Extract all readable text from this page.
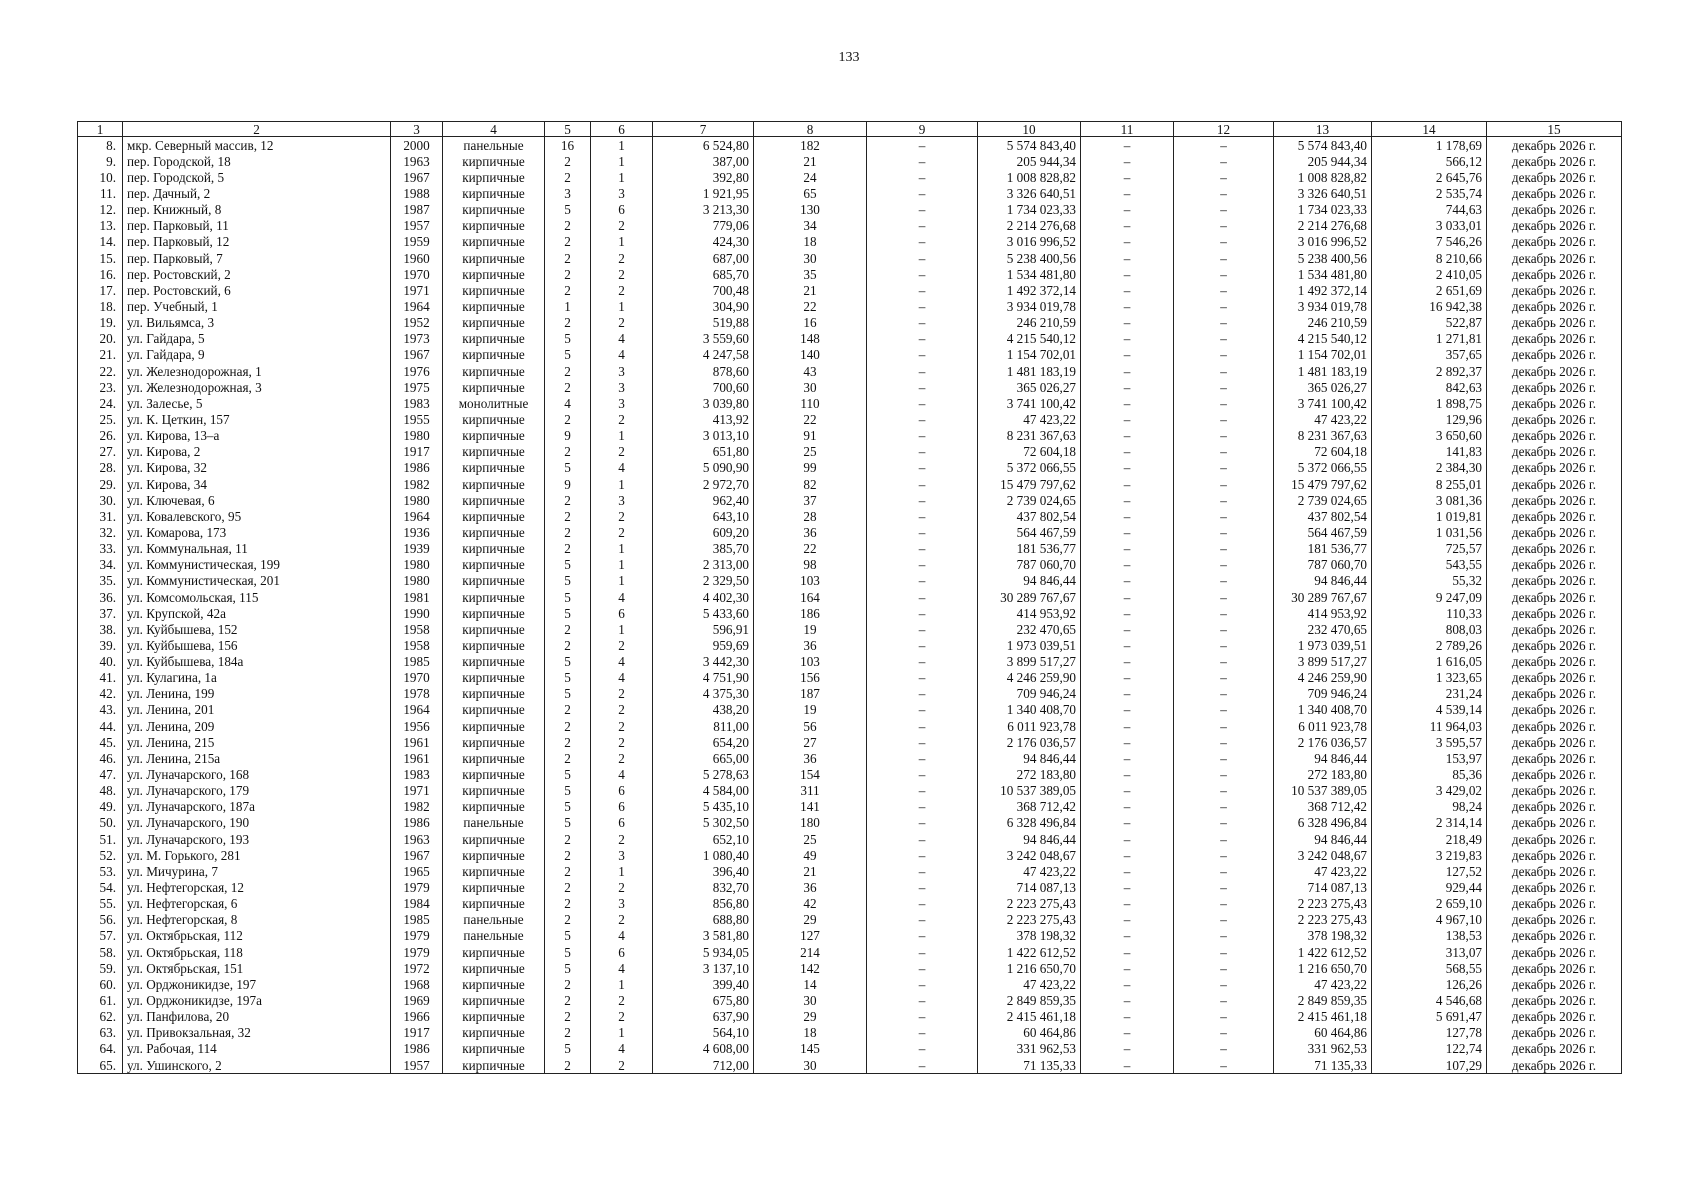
133
1	2	3	4	5	6	7	8	9	10	11	12	13	14	15
8.	мкр. Северный массив, 12	2000	панельные	16	1	6 524,80	182	–	5 574 843,40	–	–	5 574 843,40	1 178,69	декабрь 2026 г.
9.	пер. Городской, 18	1963	кирпичные	2	1	387,00	21	–	205 944,34	–	–	205 944,34	566,12	декабрь 2026 г.
10.	пер. Городской, 5	1967	кирпичные	2	1	392,80	24	–	1 008 828,82	–	–	1 008 828,82	2 645,76	декабрь 2026 г.
11.	пер. Дачный, 2	1988	кирпичные	3	3	1 921,95	65	–	3 326 640,51	–	–	3 326 640,51	2 535,74	декабрь 2026 г.
12.	пер. Книжный, 8	1987	кирпичные	5	6	3 213,30	130	–	1 734 023,33	–	–	1 734 023,33	744,63	декабрь 2026 г.
13.	пер. Парковый, 11	1957	кирпичные	2	2	779,06	34	–	2 214 276,68	–	–	2 214 276,68	3 033,01	декабрь 2026 г.
14.	пер. Парковый, 12	1959	кирпичные	2	1	424,30	18	–	3 016 996,52	–	–	3 016 996,52	7 546,26	декабрь 2026 г.
15.	пер. Парковый, 7	1960	кирпичные	2	2	687,00	30	–	5 238 400,56	–	–	5 238 400,56	8 210,66	декабрь 2026 г.
16.	пер. Ростовский, 2	1970	кирпичные	2	2	685,70	35	–	1 534 481,80	–	–	1 534 481,80	2 410,05	декабрь 2026 г.
17.	пер. Ростовский, 6	1971	кирпичные	2	2	700,48	21	–	1 492 372,14	–	–	1 492 372,14	2 651,69	декабрь 2026 г.
18.	пер. Учебный, 1	1964	кирпичные	1	1	304,90	22	–	3 934 019,78	–	–	3 934 019,78	16 942,38	декабрь 2026 г.
19.	ул. Вильямса, 3	1952	кирпичные	2	2	519,88	16	–	246 210,59	–	–	246 210,59	522,87	декабрь 2026 г.
20.	ул. Гайдара, 5	1973	кирпичные	5	4	3 559,60	148	–	4 215 540,12	–	–	4 215 540,12	1 271,81	декабрь 2026 г.
21.	ул. Гайдара, 9	1967	кирпичные	5	4	4 247,58	140	–	1 154 702,01	–	–	1 154 702,01	357,65	декабрь 2026 г.
22.	ул. Железнодорожная, 1	1976	кирпичные	2	3	878,60	43	–	1 481 183,19	–	–	1 481 183,19	2 892,37	декабрь 2026 г.
23.	ул. Железнодорожная, 3	1975	кирпичные	2	3	700,60	30	–	365 026,27	–	–	365 026,27	842,63	декабрь 2026 г.
24.	ул. Залесье, 5	1983	монолитные	4	3	3 039,80	110	–	3 741 100,42	–	–	3 741 100,42	1 898,75	декабрь 2026 г.
25.	ул. К. Цеткин, 157	1955	кирпичные	2	2	413,92	22	–	47 423,22	–	–	47 423,22	129,96	декабрь 2026 г.
26.	ул. Кирова, 13–а	1980	кирпичные	9	1	3 013,10	91	–	8 231 367,63	–	–	8 231 367,63	3 650,60	декабрь 2026 г.
27.	ул. Кирова, 2	1917	кирпичные	2	2	651,80	25	–	72 604,18	–	–	72 604,18	141,83	декабрь 2026 г.
28.	ул. Кирова, 32	1986	кирпичные	5	4	5 090,90	99	–	5 372 066,55	–	–	5 372 066,55	2 384,30	декабрь 2026 г.
29.	ул. Кирова, 34	1982	кирпичные	9	1	2 972,70	82	–	15 479 797,62	–	–	15 479 797,62	8 255,01	декабрь 2026 г.
30.	ул. Ключевая, 6	1980	кирпичные	2	3	962,40	37	–	2 739 024,65	–	–	2 739 024,65	3 081,36	декабрь 2026 г.
31.	ул. Ковалевского, 95	1964	кирпичные	2	2	643,10	28	–	437 802,54	–	–	437 802,54	1 019,81	декабрь 2026 г.
32.	ул. Комарова, 173	1936	кирпичные	2	2	609,20	36	–	564 467,59	–	–	564 467,59	1 031,56	декабрь 2026 г.
33.	ул. Коммунальная, 11	1939	кирпичные	2	1	385,70	22	–	181 536,77	–	–	181 536,77	725,57	декабрь 2026 г.
34.	ул. Коммунистическая, 199	1980	кирпичные	5	1	2 313,00	98	–	787 060,70	–	–	787 060,70	543,55	декабрь 2026 г.
35.	ул. Коммунистическая, 201	1980	кирпичные	5	1	2 329,50	103	–	94 846,44	–	–	94 846,44	55,32	декабрь 2026 г.
36.	ул. Комсомольская, 115	1981	кирпичные	5	4	4 402,30	164	–	30 289 767,67	–	–	30 289 767,67	9 247,09	декабрь 2026 г.
37.	ул. Крупской, 42а	1990	кирпичные	5	6	5 433,60	186	–	414 953,92	–	–	414 953,92	110,33	декабрь 2026 г.
38.	ул. Куйбышева, 152	1958	кирпичные	2	1	596,91	19	–	232 470,65	–	–	232 470,65	808,03	декабрь 2026 г.
39.	ул. Куйбышева, 156	1958	кирпичные	2	2	959,69	36	–	1 973 039,51	–	–	1 973 039,51	2 789,26	декабрь 2026 г.
40.	ул. Куйбышева, 184а	1985	кирпичные	5	4	3 442,30	103	–	3 899 517,27	–	–	3 899 517,27	1 616,05	декабрь 2026 г.
41.	ул. Кулагина, 1а	1970	кирпичные	5	4	4 751,90	156	–	4 246 259,90	–	–	4 246 259,90	1 323,65	декабрь 2026 г.
42.	ул. Ленина, 199	1978	кирпичные	5	2	4 375,30	187	–	709 946,24	–	–	709 946,24	231,24	декабрь 2026 г.
43.	ул. Ленина, 201	1964	кирпичные	2	2	438,20	19	–	1 340 408,70	–	–	1 340 408,70	4 539,14	декабрь 2026 г.
44.	ул. Ленина, 209	1956	кирпичные	2	2	811,00	56	–	6 011 923,78	–	–	6 011 923,78	11 964,03	декабрь 2026 г.
45.	ул. Ленина, 215	1961	кирпичные	2	2	654,20	27	–	2 176 036,57	–	–	2 176 036,57	3 595,57	декабрь 2026 г.
46.	ул. Ленина, 215а	1961	кирпичные	2	2	665,00	36	–	94 846,44	–	–	94 846,44	153,97	декабрь 2026 г.
47.	ул. Луначарского, 168	1983	кирпичные	5	4	5 278,63	154	–	272 183,80	–	–	272 183,80	85,36	декабрь 2026 г.
48.	ул. Луначарского, 179	1971	кирпичные	5	6	4 584,00	311	–	10 537 389,05	–	–	10 537 389,05	3 429,02	декабрь 2026 г.
49.	ул. Луначарского, 187а	1982	кирпичные	5	6	5 435,10	141	–	368 712,42	–	–	368 712,42	98,24	декабрь 2026 г.
50.	ул. Луначарского, 190	1986	панельные	5	6	5 302,50	180	–	6 328 496,84	–	–	6 328 496,84	2 314,14	декабрь 2026 г.
51.	ул. Луначарского, 193	1963	кирпичные	2	2	652,10	25	–	94 846,44	–	–	94 846,44	218,49	декабрь 2026 г.
52.	ул. М. Горького, 281	1967	кирпичные	2	3	1 080,40	49	–	3 242 048,67	–	–	3 242 048,67	3 219,83	декабрь 2026 г.
53.	ул. Мичурина, 7	1965	кирпичные	2	1	396,40	21	–	47 423,22	–	–	47 423,22	127,52	декабрь 2026 г.
54.	ул. Нефтегорская, 12	1979	кирпичные	2	2	832,70	36	–	714 087,13	–	–	714 087,13	929,44	декабрь 2026 г.
55.	ул. Нефтегорская, 6	1984	кирпичные	2	3	856,80	42	–	2 223 275,43	–	–	2 223 275,43	2 659,10	декабрь 2026 г.
56.	ул. Нефтегорская, 8	1985	панельные	2	2	688,80	29	–	2 223 275,43	–	–	2 223 275,43	4 967,10	декабрь 2026 г.
57.	ул. Октябрьская, 112	1979	панельные	5	4	3 581,80	127	–	378 198,32	–	–	378 198,32	138,53	декабрь 2026 г.
58.	ул. Октябрьская, 118	1979	кирпичные	5	6	5 934,05	214	–	1 422 612,52	–	–	1 422 612,52	313,07	декабрь 2026 г.
59.	ул. Октябрьская, 151	1972	кирпичные	5	4	3 137,10	142	–	1 216 650,70	–	–	1 216 650,70	568,55	декабрь 2026 г.
60.	ул. Орджоникидзе, 197	1968	кирпичные	2	1	399,40	14	–	47 423,22	–	–	47 423,22	126,26	декабрь 2026 г.
61.	ул. Орджоникидзе, 197а	1969	кирпичные	2	2	675,80	30	–	2 849 859,35	–	–	2 849 859,35	4 546,68	декабрь 2026 г.
62.	ул. Панфилова, 20	1966	кирпичные	2	2	637,90	29	–	2 415 461,18	–	–	2 415 461,18	5 691,47	декабрь 2026 г.
63.	ул. Привокзальная, 32	1917	кирпичные	2	1	564,10	18	–	60 464,86	–	–	60 464,86	127,78	декабрь 2026 г.
64.	ул. Рабочая, 114	1986	кирпичные	5	4	4 608,00	145	–	331 962,53	–	–	331 962,53	122,74	декабрь 2026 г.
65.	ул. Ушинского, 2	1957	кирпичные	2	2	712,00	30	–	71 135,33	–	–	71 135,33	107,29	декабрь 2026 г.
